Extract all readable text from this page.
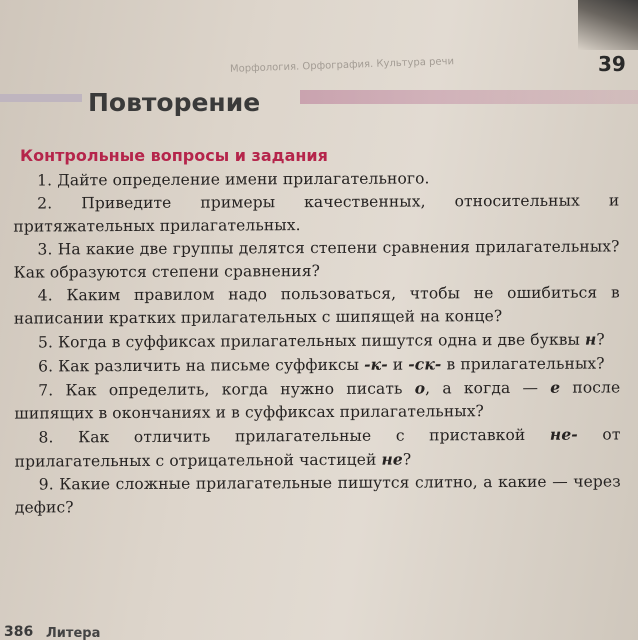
Морфология. Орфография. Культура речи	39
Повторение
Контрольные вопросы и задания

1. Дайте определение имени прилагательного.

2. Приведите примеры качественных, относительных и притяжательных прилагательных.

3. На какие две группы делятся степени сравнения прилагательных? Как образуются степени сравнения?

4. Каким правилом надо пользоваться, чтобы не ошибиться в написании кратких прилагательных с шипящей на конце?

5. Когда в суффиксах прилагательных пишутся одна и две буквы н?

6. Как различить на письме суффиксы -к- и -ск- в прилагательных?

7. Как определить, когда нужно писать о, а когда — е после шипящих в окончаниях и в суффиксах прилагательных?

8. Как отличить прилагательные с приставкой не- от прилагательных с отрицательной частицей не?

9. Какие сложные прилагательные пишутся слитно, а какие — через дефис?

386 Литера
